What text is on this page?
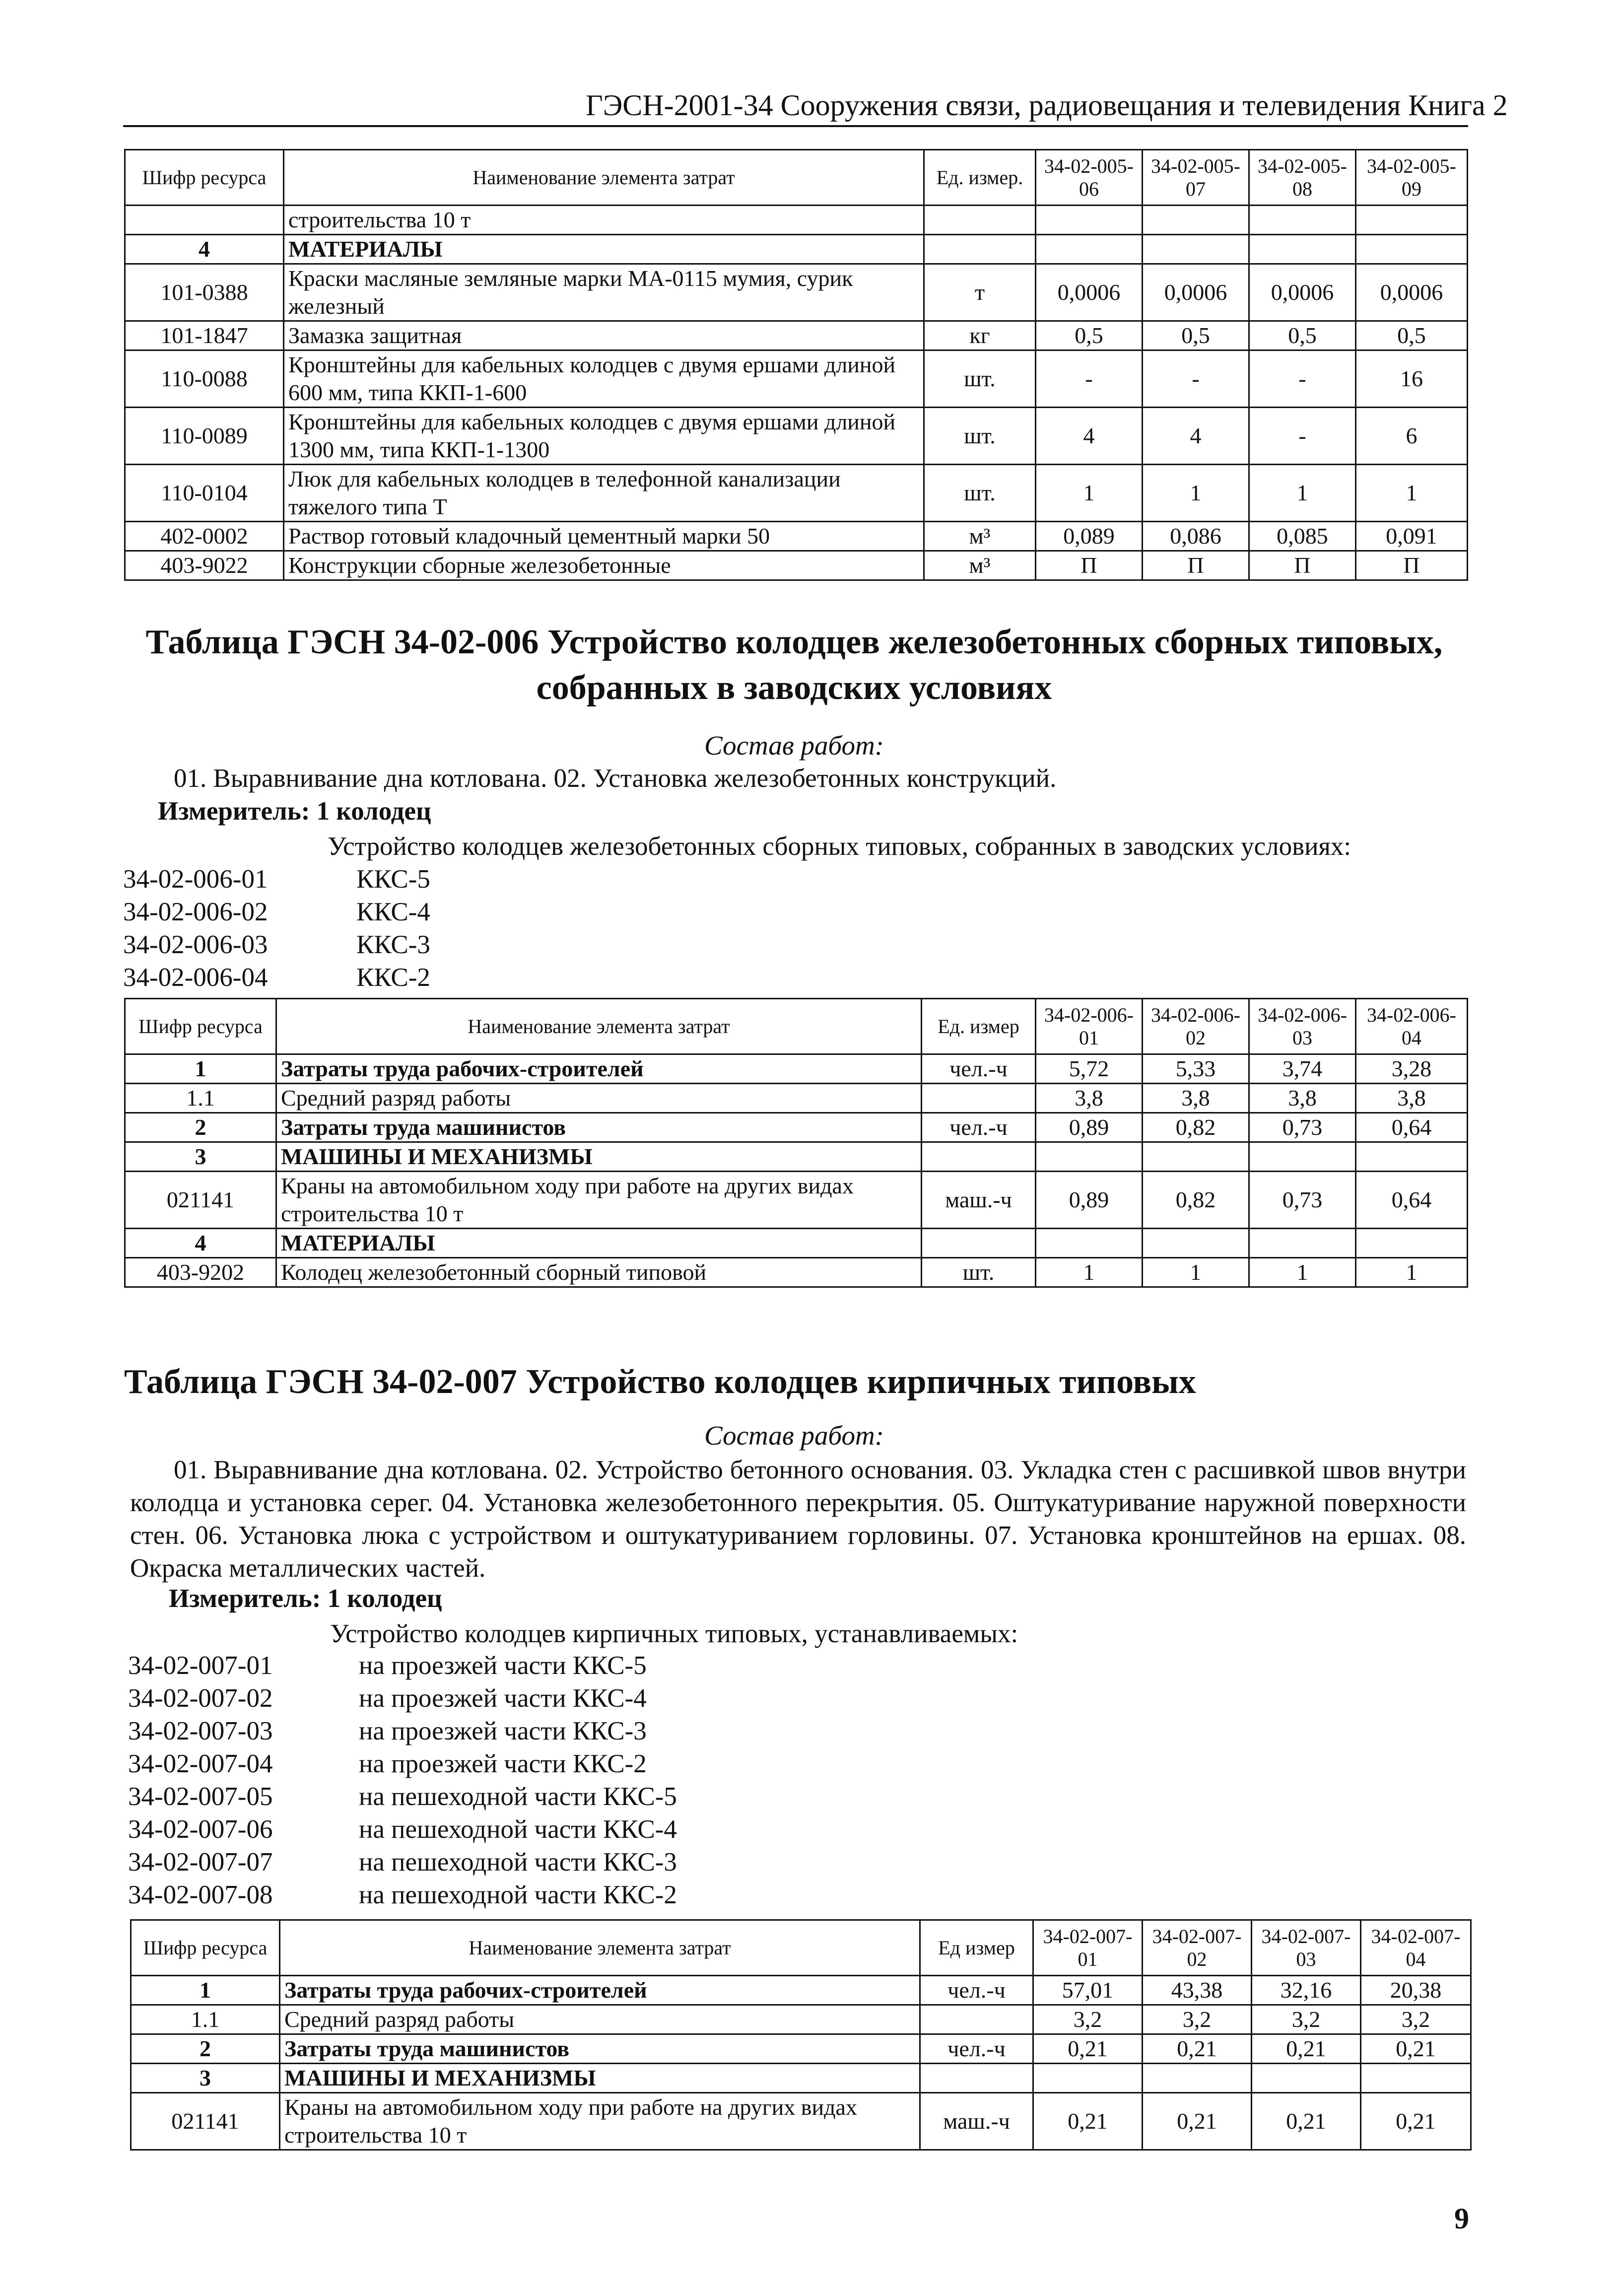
ГЭСН-2001-34 Сооружения связи, радиовещания и телевидения Книга 2
Шифр ресурса	Наименование элемента затрат	Ед. измер.	34-02-005-06	34-02-005-07	34-02-005-08	34-02-005-09
	строительства 10 т					
4	МАТЕРИАЛЫ					
101-0388	Краски масляные земляные марки МА-0115 мумия, сурик железный	т	0,0006	0,0006	0,0006	0,0006
101-1847	Замазка защитная	кг	0,5	0,5	0,5	0,5
110-0088	Кронштейны для кабельных колодцев с двумя ершами длиной 600 мм, типа ККП-1-600	шт.	-	-	-	16
110-0089	Кронштейны для кабельных колодцев с двумя ершами длиной 1300 мм, типа ККП-1-1300	шт.	4	4	-	6
110-0104	Люк для кабельных колодцев в телефонной канализации тяжелого типа Т	шт.	1	1	1	1
402-0002	Раствор готовый кладочный цементный марки 50	м³	0,089	0,086	0,085	0,091
403-9022	Конструкции сборные железобетонные	м³	П	П	П	П
Таблица ГЭСН 34-02-006 Устройство колодцев железобетонных сборных типовых, собранных в заводских условиях
Состав работ:
01. Выравнивание дна котлована. 02. Установка железобетонных конструкций.
Измеритель: 1 колодец
Устройство колодцев железобетонных сборных типовых, собранных в заводских условиях:
34-02-006-01	ККС-5
34-02-006-02	ККС-4
34-02-006-03	ККС-3
34-02-006-04	ККС-2
Шифр ресурса	Наименование элемента затрат	Ед. измер	34-02-006-01	34-02-006-02	34-02-006-03	34-02-006-04
1	Затраты труда рабочих-строителей	чел.-ч	5,72	5,33	3,74	3,28
1.1	Средний разряд работы		3,8	3,8	3,8	3,8
2	Затраты труда машинистов	чел.-ч	0,89	0,82	0,73	0,64
3	МАШИНЫ И МЕХАНИЗМЫ					
021141	Краны на автомобильном ходу при работе на других видах строительства 10 т	маш.-ч	0,89	0,82	0,73	0,64
4	МАТЕРИАЛЫ					
403-9202	Колодец железобетонный сборный типовой	шт.	1	1	1	1
Таблица ГЭСН 34-02-007 Устройство колодцев кирпичных типовых
Состав работ:
01. Выравнивание дна котлована. 02. Устройство бетонного основания. 03. Укладка стен с расшивкой швов внутри колодца и установка серег. 04. Установка железобетонного перекрытия. 05. Оштукатуривание наружной поверхности стен. 06. Установка люка с устройством и оштукатуриванием горловины. 07. Установка кронштейнов на ершах. 08. Окраска металлических частей.
Измеритель: 1 колодец
Устройство колодцев кирпичных типовых, устанавливаемых:
34-02-007-01	на проезжей части ККС-5
34-02-007-02	на проезжей части ККС-4
34-02-007-03	на проезжей части ККС-3
34-02-007-04	на проезжей части ККС-2
34-02-007-05	на пешеходной части ККС-5
34-02-007-06	на пешеходной части ККС-4
34-02-007-07	на пешеходной части ККС-3
34-02-007-08	на пешеходной части ККС-2
Шифр ресурса	Наименование элемента затрат	Ед измер	34-02-007-01	34-02-007-02	34-02-007-03	34-02-007-04
1	Затраты труда рабочих-строителей	чел.-ч	57,01	43,38	32,16	20,38
1.1	Средний разряд работы		3,2	3,2	3,2	3,2
2	Затраты труда машинистов	чел.-ч	0,21	0,21	0,21	0,21
3	МАШИНЫ И МЕХАНИЗМЫ					
021141	Краны на автомобильном ходу при работе на других видах строительства 10 т	маш.-ч	0,21	0,21	0,21	0,21
9
